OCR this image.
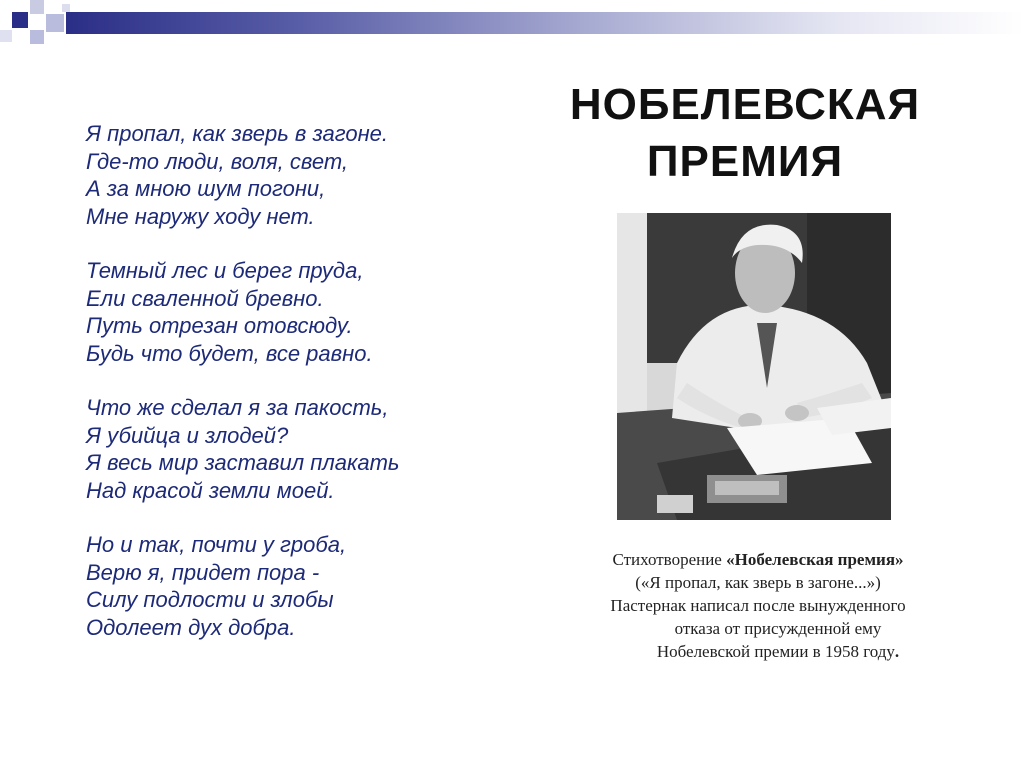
НОБЕЛЕВСКАЯ
ПРЕМИЯ
Я пропал, как зверь в загоне.
Где-то люди, воля, свет,
А за мною шум погони,
Мне наружу ходу нет.
Темный лес и берег пруда,
Ели сваленной бревно.
Путь отрезан отовсюду.
Будь что будет, все равно.
Что же сделал я за пакость,
Я убийца и злодей?
Я весь мир заставил плакать
Над красой земли моей.
Но и так, почти у гроба,
Верю я, придет пора -
Силу подлости и злобы
Одолеет дух добра.
Стихотворение «Нобелевская премия»
(«Я пропал, как зверь в загоне...»)
Пастернак написал после вынужденного
отказа от присужденной ему
Нобелевской премии в 1958 году.
